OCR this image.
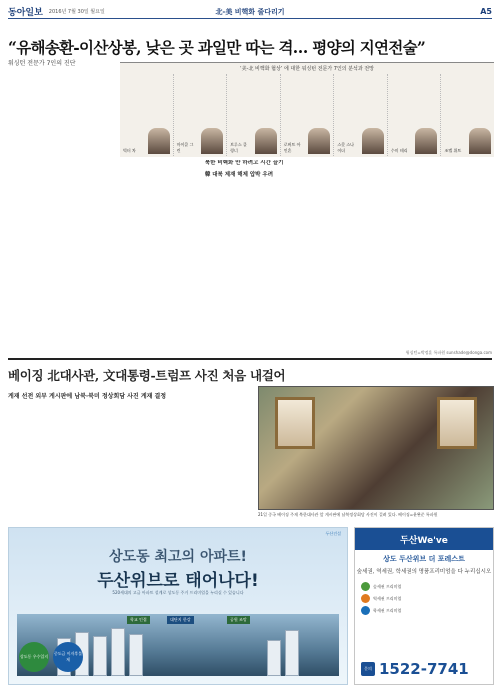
동아일보 2016년 7월 30일 월요일	北-美 비핵화 줄다리기	A5
“유해송환-이산상봉, 낮은 곳 과일만 따는 격… 평양의 지연전술”
워싱턴 전문가 7인의 진단
‘美-北 비핵화 협상’ 에 대한 워싱턴 전문가 7인의 분석과 전망
빅터 차
마이클 그린
브루스 클링너
로버트 아인혼
스콧 스나이더	수미 테리	조엘 위트
북한 비핵화 안 하려고 시간 끌기
韓 대북 제재 해제 압박 우려
워싱턴=박정훈 특파원 sunshade@donga.com
베이징 北대사관, 文대통령-트럼프 사진 처음 내걸어
게재 선전 외부 게시판에 남북·북미 정상회담 사진 게재 결정
21일 중국 베이징 주재 북한대사관 앞 게시판에 남북정상회담 사진이 걸려 있다. 베이징=윤완준 특파원
두산건설
상도동 최고의 아파트!
두산위브로 태어나다!
520세대의 고급 아파트 설계로 상도동 주거 프리미엄을 누리실 수 있습니다
학교 인접	대단지 한강	공원 조망
상도동 우수입지
중도금 이자후불제
두산We've
상도 두산위브 더 포레스트
숲세권, 역세권, 학세권의 명품프리미엄을 다 누리십시오
숲세권 프리미엄
역세권 프리미엄
학세권 프리미엄
문의 1522-7741
